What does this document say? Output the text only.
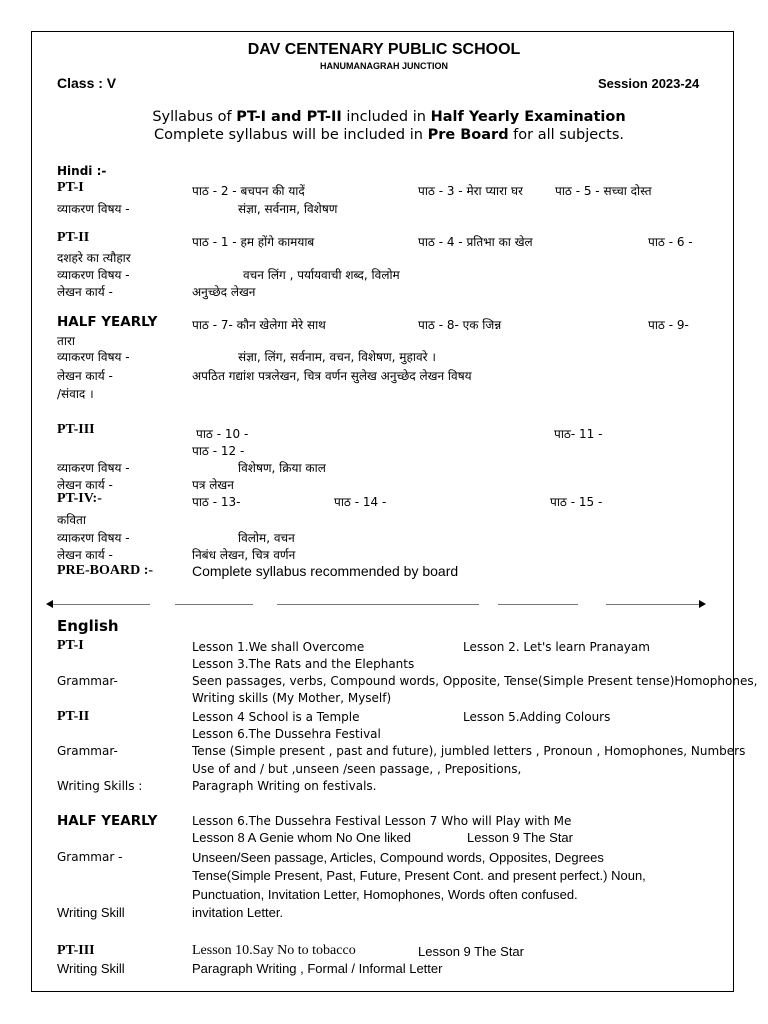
DAV CENTENARY PUBLIC SCHOOL
HANUMANAGRAH JUNCTION
Class : V	Session 2023-24
Syllabus of PT-I and PT-II included in Half Yearly Examination
Complete syllabus will be included in Pre Board for all subjects.
Hindi :-
PT-I	पाठ - 2 - बचपन की यादें	पाठ - 3 - मेरा प्यारा घर	पाठ - 5 - सच्चा दोस्त
व्याकरण विषय -	संज्ञा, सर्वनाम, विशेषण
PT-II	पाठ - 1 - हम होंगे कामयाब	पाठ - 4 - प्रतिभा का खेल	पाठ - 6 -
दशहरे का त्यौहार
व्याकरण विषय -	वचन लिंग , पर्यायवाची शब्द, विलोम
लेखन कार्य -	अनुच्छेद लेखन
HALF YEARLY	पाठ - 7- कौन खेलेगा मेरे साथ	पाठ - 8- एक जिन्न	पाठ - 9-
तारा
व्याकरण विषय -	संज्ञा, लिंग, सर्वनाम, वचन, विशेषण, मुहावरे ।
लेखन कार्य -	अपठित गद्यांश पत्रलेखन, चित्र वर्णन सुलेख अनुच्छेद लेखन विषय
/संवाद ।
PT-III	पाठ - 10 -	पाठ- 11 -
पाठ - 12 -
व्याकरण विषय -	विशेषण, क्रिया काल
लेखन कार्य -	पत्र लेखन
PT-IV:-	पाठ - 13-	पाठ - 14 -	पाठ - 15 -
कविता
व्याकरण विषय -	विलोम, वचन
लेखन कार्य -	निबंध लेखन, चित्र वर्णन
PRE-BOARD :-	Complete syllabus recommended by board
English
PT-I	Lesson 1.We shall Overcome	Lesson 2. Let's learn Pranayam
Lesson 3.The Rats and the Elephants
Grammar-	Seen passages, verbs, Compound words, Opposite, Tense(Simple Present tense)Homophones,
Writing skills (My Mother, Myself)
PT-II	Lesson 4 School is a Temple	Lesson 5.Adding Colours
Lesson 6.The Dussehra Festival
Grammar-	Tense (Simple present , past and future), jumbled letters , Pronoun , Homophones, Numbers
Use of and / but ,unseen /seen passage, , Prepositions,
Writing Skills :	Paragraph Writing on festivals.
HALF YEARLY	Lesson 6.The Dussehra Festival Lesson 7 Who will Play with Me
Lesson 8 A Genie whom No One liked	Lesson 9 The Star
Grammar -	Unseen/Seen passage, Articles, Compound words, Opposites, Degrees
Tense(Simple Present, Past, Future, Present Cont. and present perfect.) Noun,
Punctuation, Invitation Letter, Homophones, Words often confused.
Writing Skill	invitation Letter.
PT-III	Lesson 10.Say No to tobacco	Lesson 9 The Star
Writing Skill	Paragraph Writing , Formal / Informal Letter
